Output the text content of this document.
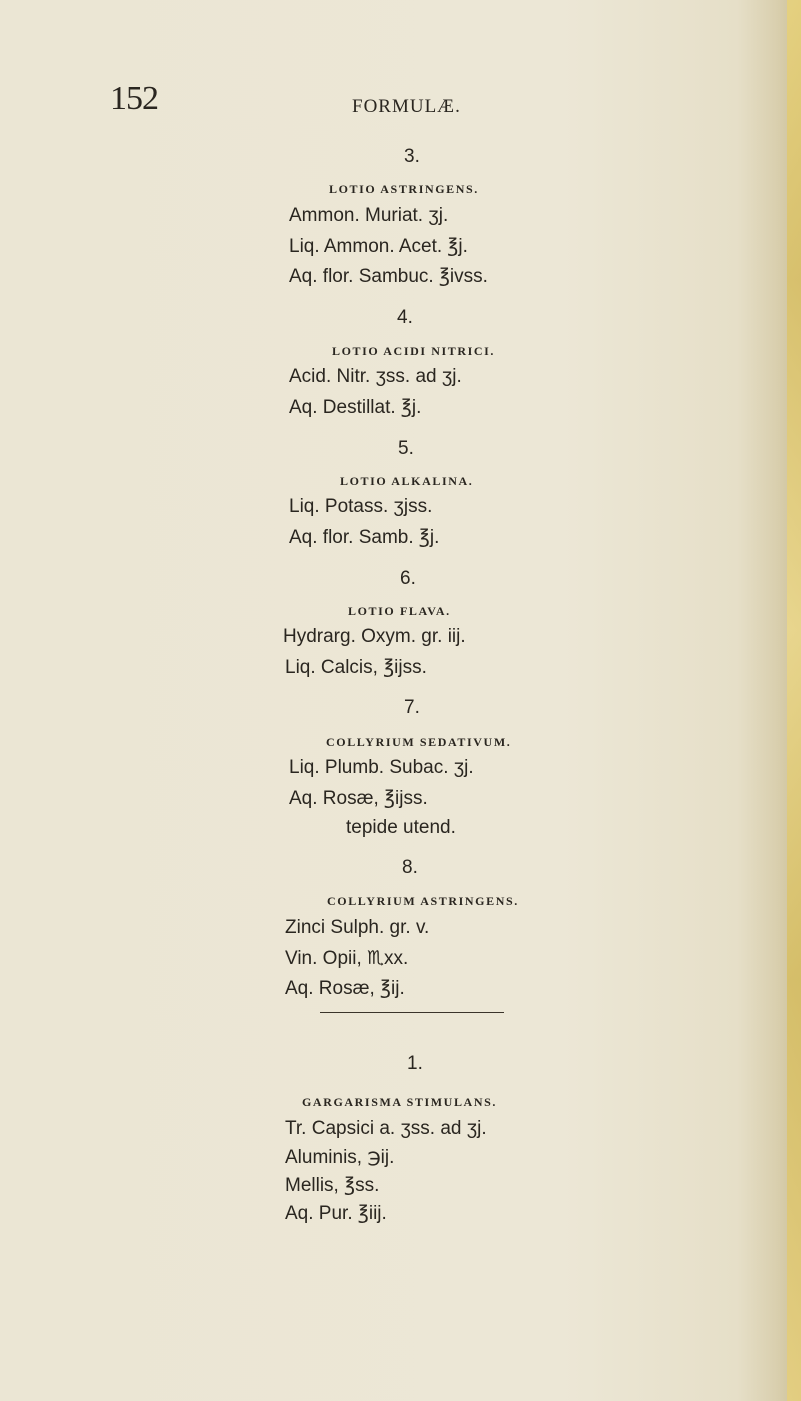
152	FORMULÆ.
3.
LOTIO ASTRINGENS.
Ammon. Muriat. ʒj.
Liq. Ammon. Acet. ℥j.
Aq. flor. Sambuc. ℥ivss.
4.
LOTIO ACIDI NITRICI.
Acid. Nitr. ʒss. ad ʒj.
Aq. Destillat. ℥j.
5.
LOTIO ALKALINA.
Liq. Potass. ʒjss.
Aq. flor. Samb. ℥j.
6.
LOTIO FLAVA.
Hydrarg. Oxym. gr. iij.
Liq. Calcis, ℥ijss.
7.
COLLYRIUM SEDATIVUM.
Liq. Plumb. Subac. ʒj.
Aq. Rosæ, ℥ijss.
tepide utend.
8.
COLLYRIUM ASTRINGENS.
Zinci Sulph. gr. v.
Vin. Opii, ♏xx.
Aq. Rosæ, ℥ij.
1.
GARGARISMA STIMULANS.
Tr. Capsici a. ʒss. ad ʒj.
Aluminis, ℈ij.
Mellis, ℥ss.
Aq. Pur. ℥iij.
